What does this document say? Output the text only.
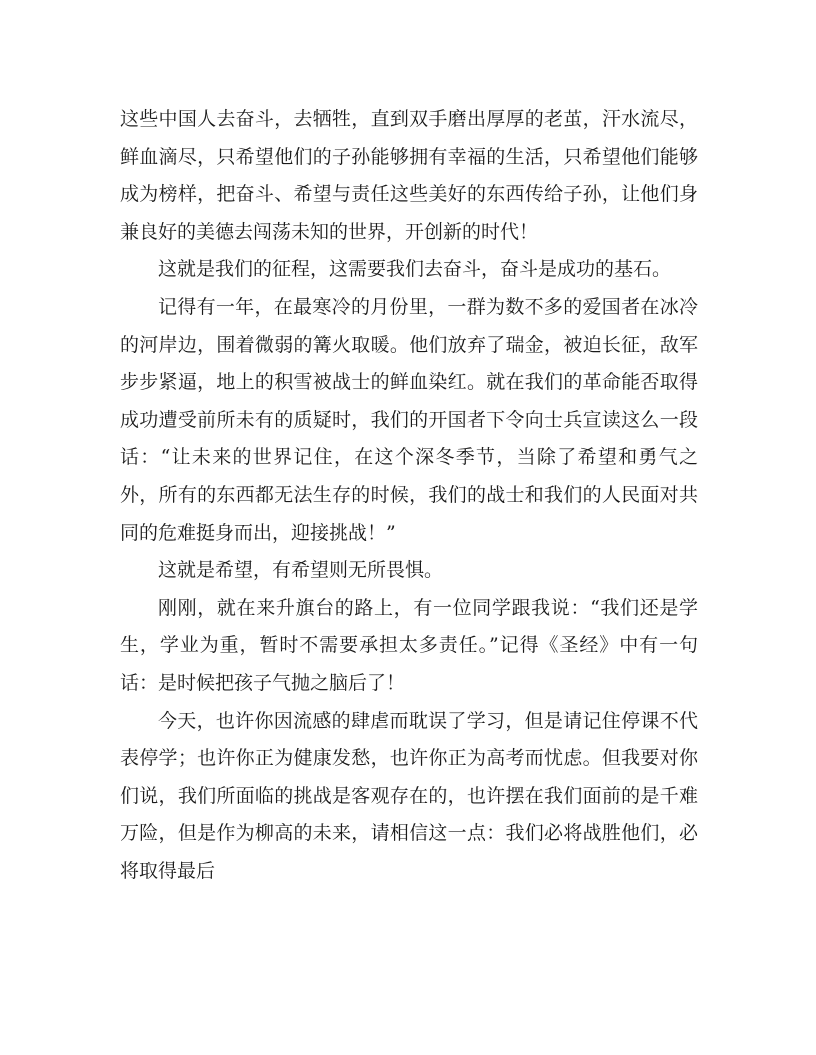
这些中国人去奋斗，去牺牲，直到双手磨出厚厚的老茧，汗水流尽，鲜血滴尽，只希望他们的子孙能够拥有幸福的生活，只希望他们能够成为榜样，把奋斗、希望与责任这些美好的东西传给子孙，让他们身兼良好的美德去闯荡未知的世界，开创新的时代！

这就是我们的征程，这需要我们去奋斗，奋斗是成功的基石。

记得有一年，在最寒冷的月份里，一群为数不多的爱国者在冰冷的河岸边，围着微弱的篝火取暖。他们放弃了瑞金，被迫长征，敌军步步紧逼，地上的积雪被战士的鲜血染红。就在我们的革命能否取得成功遭受前所未有的质疑时，我们的开国者下令向士兵宣读这么一段话：“让未来的世界记住，在这个深冬季节，当除了希望和勇气之外，所有的东西都无法生存的时候，我们的战士和我们的人民面对共同的危难挺身而出，迎接挑战！”

这就是希望，有希望则无所畏惧。

刚刚，就在来升旗台的路上，有一位同学跟我说：“我们还是学生，学业为重，暂时不需要承担太多责任。”记得《圣经》中有一句话：是时候把孩子气抛之脑后了！

今天，也许你因流感的肆虐而耽误了学习，但是请记住停课不代表停学；也许你正为健康发愁，也许你正为高考而忧虑。但我要对你们说，我们所面临的挑战是客观存在的，也许摆在我们面前的是千难万险，但是作为柳高的未来，请相信这一点：我们必将战胜他们，必将取得最后
